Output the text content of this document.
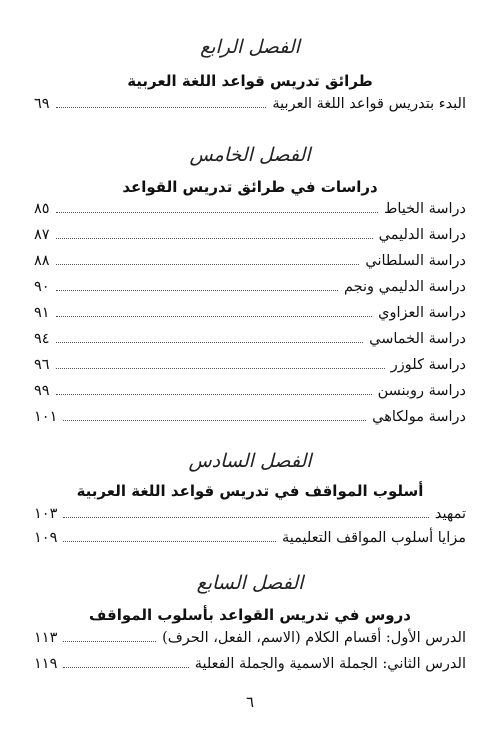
الفصل الرابع
طرائق تدريس قواعد اللغة العربية
البدء بتدريس قواعد اللغة العربية
٦٩
الفصل الخامس
دراسات في طرائق تدريس القواعد
دراسة الخياط
٨٥
دراسة الدليمي
٨٧
دراسة السلطاني
٨٨
دراسة الدليمي ونجم
٩٠
دراسة العزاوي
٩١
دراسة الخماسي
٩٤
دراسة كلوزر
٩٦
دراسة روبنسن
٩٩
دراسة مولكاهي
١٠١
الفصل السادس
أسلوب المواقف في تدريس قواعد اللغة العربية
تمهيد
١٠٣
مزايا أسلوب المواقف التعليمية
١٠٩
الفصل السابع
دروس في تدريس القواعد بأسلوب المواقف
الدرس الأول: أقسام الكلام (الاسم، الفعل، الحرف)
١١٣
الدرس الثاني: الجملة الاسمية والجملة الفعلية
١١٩
٦
